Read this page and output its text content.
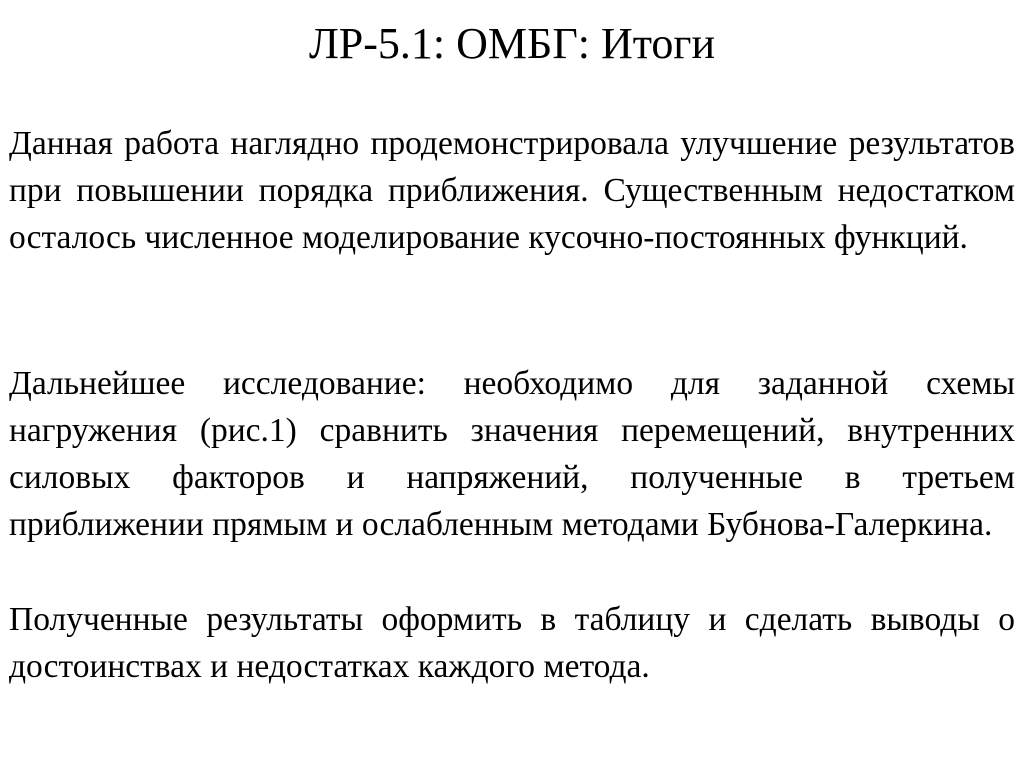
ЛР-5.1: ОМБГ: Итоги

Данная работа наглядно продемонстрировала улучшение результатов при повышении порядка приближения. Существенным недостатком осталось численное моделирование кусочно-постоянных функций.

Дальнейшее исследование: необходимо для заданной схемы нагружения (рис.1) сравнить значения перемещений, внутренних силовых факторов и напряжений, полученные в третьем приближении прямым и ослабленным методами Бубнова-Галеркина.

Полученные результаты оформить в таблицу и сделать выводы о достоинствах и недостатках каждого метода.
